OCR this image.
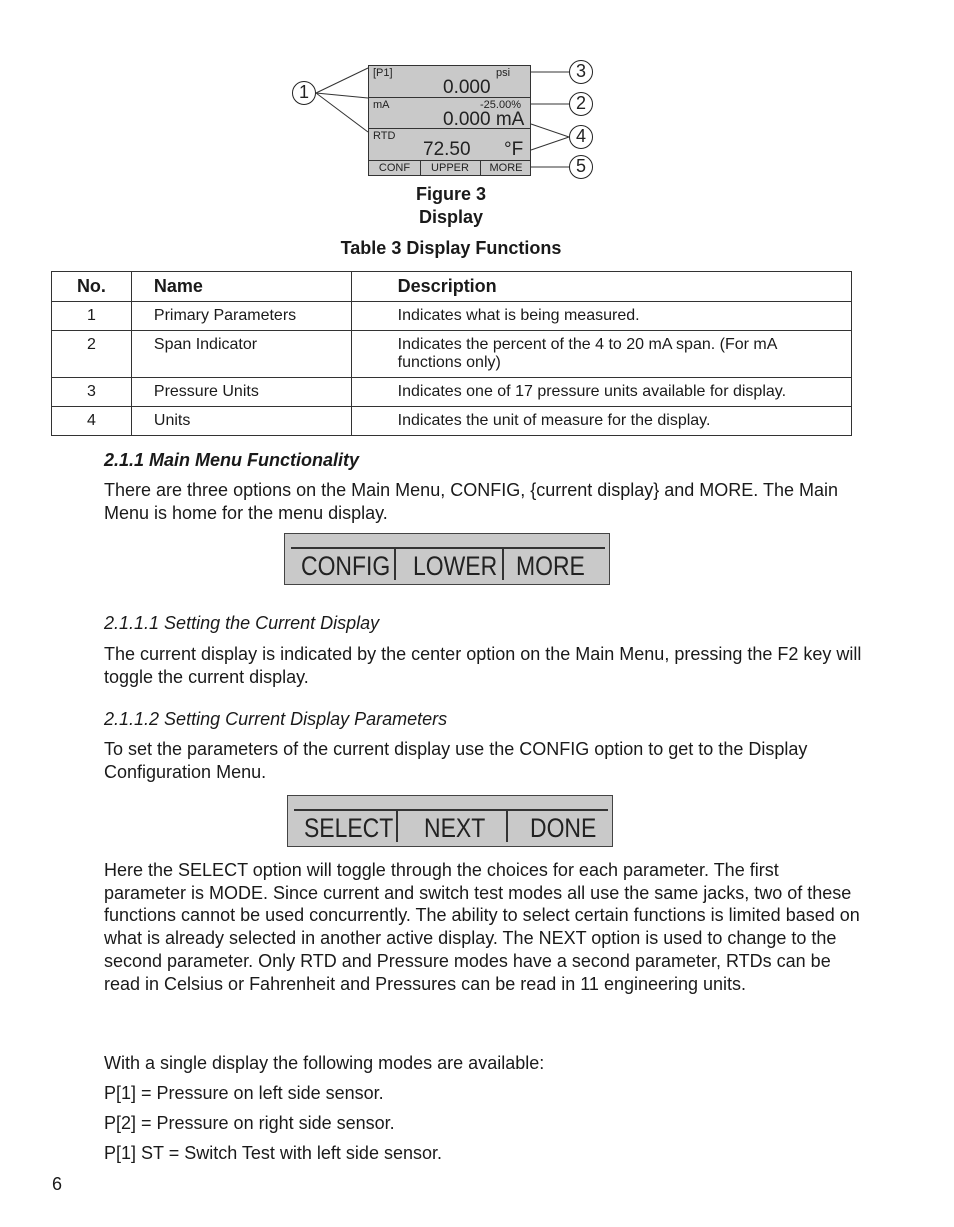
[P1]	psi
0.000
mA	-25.00%
0.000 mA
RTD
72.50 °F
CONF	UPPER	MORE
1
3
2
4
5
Figure 3
Display
Table 3 Display Functions
No.	Name	Description
1	Primary Parameters	Indicates what is being measured.
2	Span Indicator	Indicates the percent of the 4 to 20 mA span. (For mA functions only)
3	Pressure Units	Indicates one of 17 pressure units available for display.
4	Units	Indicates the unit of measure for the display.
2.1.1 Main Menu Functionality
There are three options on the Main Menu, CONFIG, {current display} and MORE. The Main Menu is home for the menu display.
CONFIG LOWER MORE
2.1.1.1 Setting the Current Display
The current display is indicated by the center option on the Main Menu, pressing the F2 key will toggle the current display.
2.1.1.2 Setting Current Display Parameters
To set the parameters of the current display use the CONFIG option to get to the Display Configuration Menu.
SELECT NEXT DONE
Here the SELECT option will toggle through the choices for each parameter. The first parameter is MODE. Since current and switch test modes all use the same jacks, two of these functions cannot be used concurrently. The ability to select certain functions is limited based on what is already selected in another active display. The NEXT option is used to change to the second parameter. Only RTD and Pressure modes have a second parameter, RTDs can be read in Celsius or Fahrenheit and Pressures can be read in 11 engineering units.
With a single display the following modes are available:
P[1] = Pressure on left side sensor.
P[2] = Pressure on right side sensor.
P[1] ST = Switch Test with left side sensor.
6
